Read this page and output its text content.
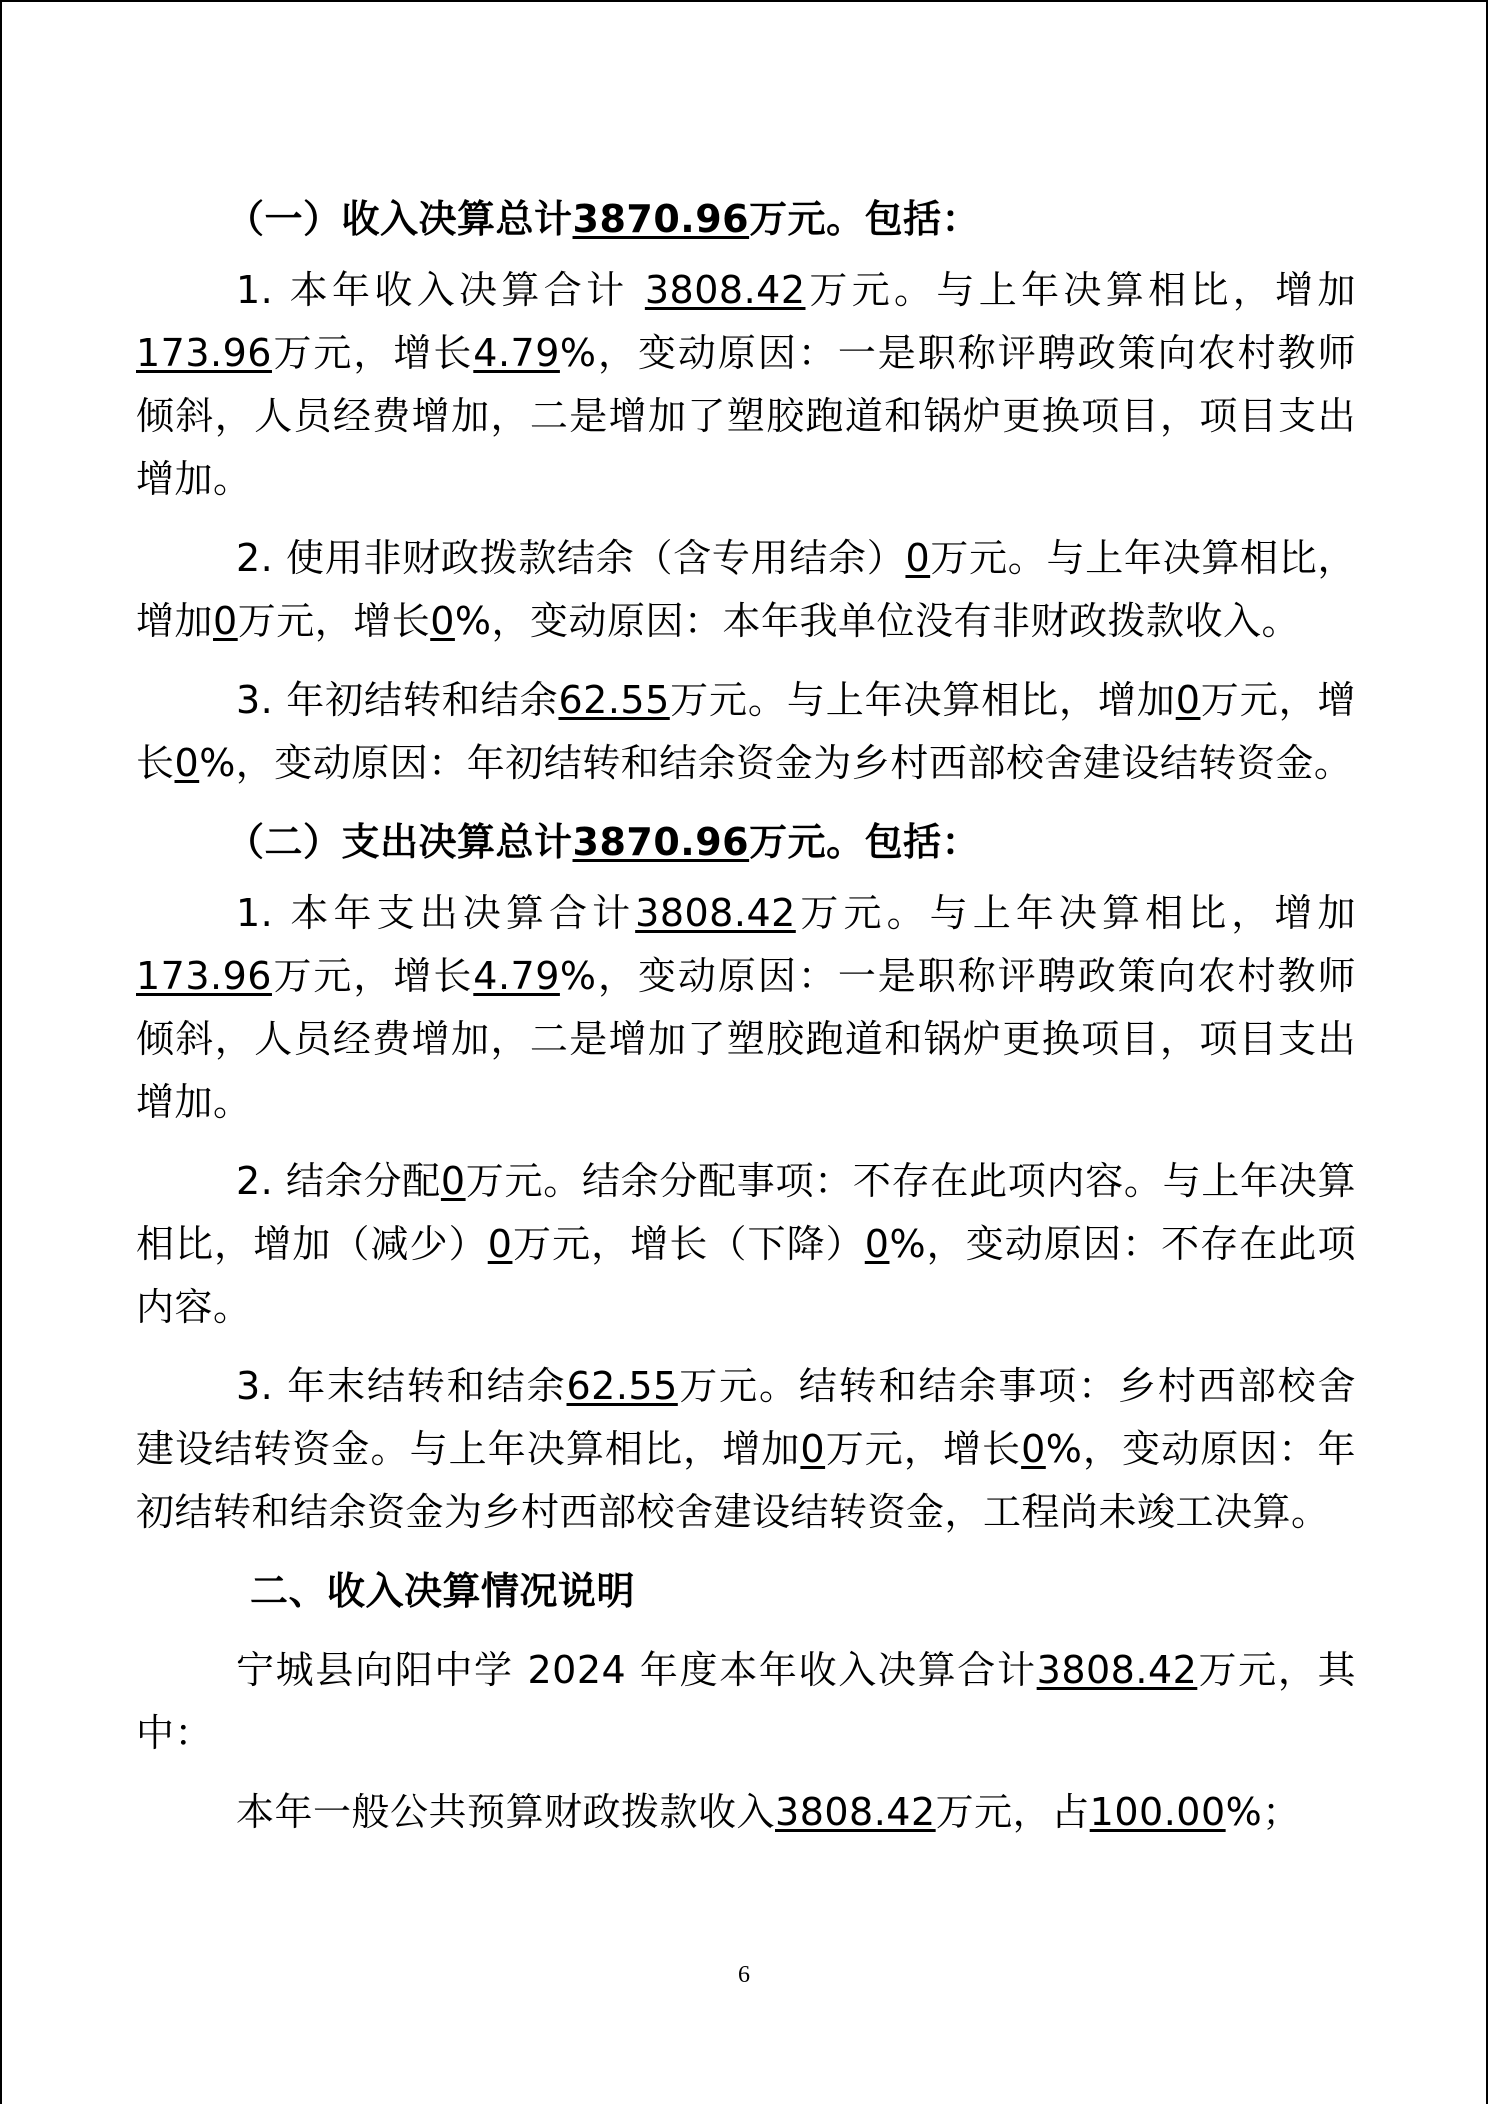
（一）收入决算总计3870.96万元。包括：

1. 本年收入决算合计 3808.42万元。与上年决算相比，增加173.96万元，增长4.79%，变动原因：一是职称评聘政策向农村教师倾斜，人员经费增加，二是增加了塑胶跑道和锅炉更换项目，项目支出增加。

2. 使用非财政拨款结余（含专用结余）0万元。与上年决算相比，增加0万元，增长0%，变动原因：本年我单位没有非财政拨款收入。

3. 年初结转和结余62.55万元。与上年决算相比，增加0万元，增长0%，变动原因：年初结转和结余资金为乡村西部校舍建设结转资金。

（二）支出决算总计3870.96万元。包括：

1. 本年支出决算合计3808.42万元。与上年决算相比，增加173.96万元，增长4.79%，变动原因：一是职称评聘政策向农村教师倾斜，人员经费增加，二是增加了塑胶跑道和锅炉更换项目，项目支出增加。

2. 结余分配0万元。结余分配事项：不存在此项内容。与上年决算相比，增加（减少）0万元，增长（下降）0%，变动原因：不存在此项内容。

3. 年末结转和结余62.55万元。结转和结余事项：乡村西部校舍建设结转资金。与上年决算相比，增加0万元，增长0%，变动原因：年初结转和结余资金为乡村西部校舍建设结转资金，工程尚未竣工决算。

二、收入决算情况说明

宁城县向阳中学 2024 年度本年收入决算合计3808.42万元，其中：

本年一般公共预算财政拨款收入3808.42万元，占100.00%；

6
